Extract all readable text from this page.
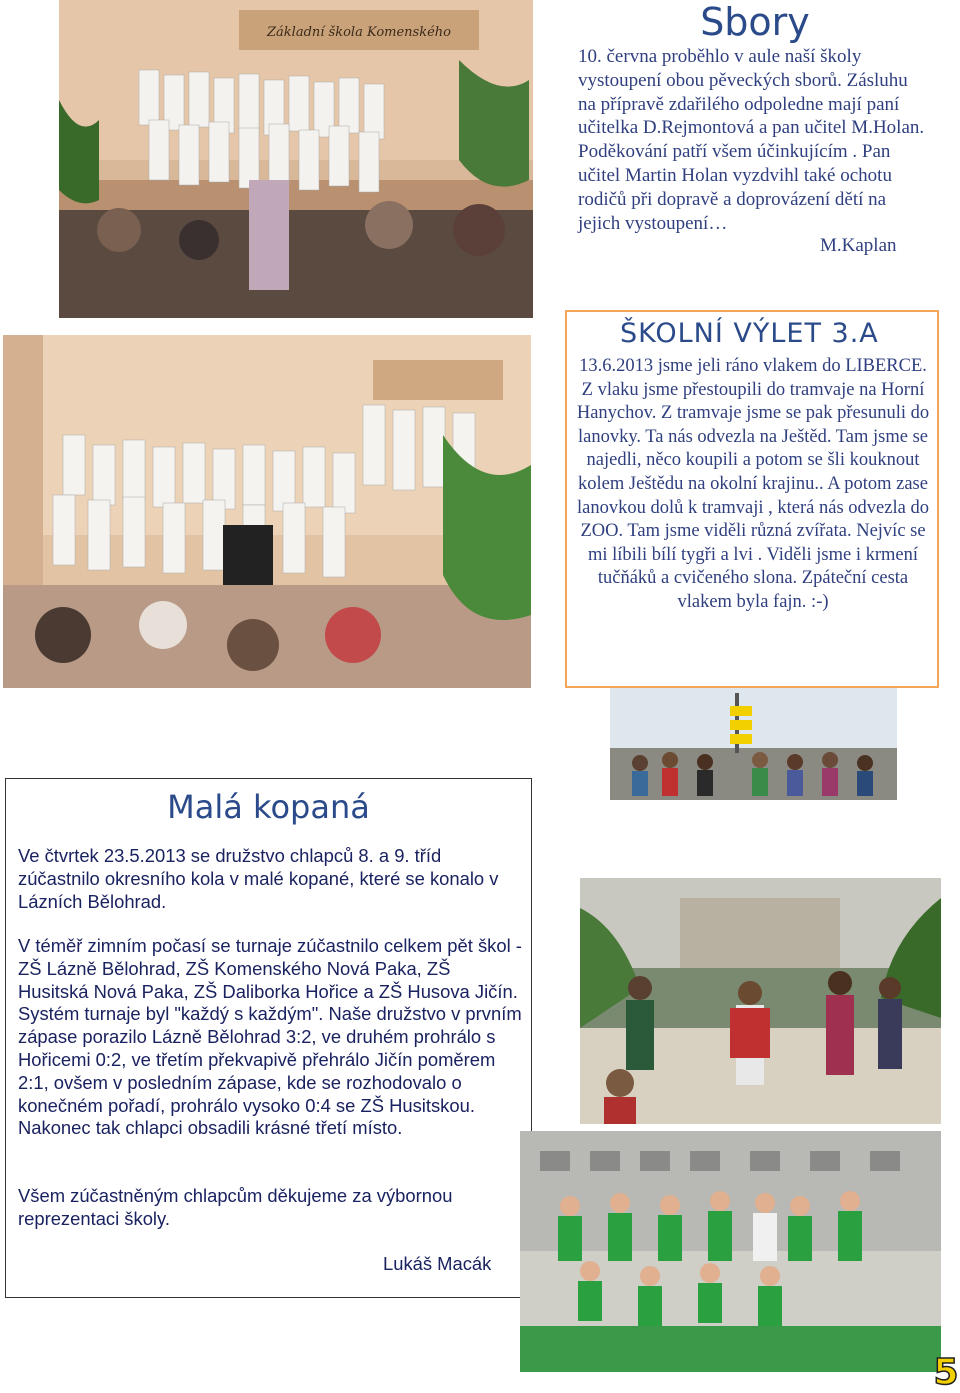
Základní škola Komenského	Sbory
10. června proběhlo v aule naší školy vystoupení obou pěveckých sborů. Zásluhu na přípravě zdařilého odpoledne mají paní učitelka D.Rejmontová a pan učitel M.Holan. Poděkování patří všem účinkujícím . Pan učitel Martin Holan vyzdvihl také ochotu rodičů při dopravě a doprovázení dětí na jejich vystoupení…
M.Kaplan
ŠKOLNÍ VÝLET 3.A
13.6.2013 jsme jeli ráno vlakem do LIBERCE. Z vlaku jsme přestoupili do tramvaje na Horní Hanychov. Z tramvaje jsme se pak přesunuli do lanovky. Ta nás odvezla na Ještěd. Tam jsme se najedli, něco koupili a potom se šli kouknout kolem Ještědu na okolní krajinu.. A potom zase lanovkou dolů k tramvaji , která nás odvezla do ZOO. Tam jsme viděli různá zvířata. Nejvíc se mi líbili bílí tygři a lvi . Viděli jsme i krmení tučňáků a cvičeného slona. Zpáteční cesta vlakem byla fajn. :-)
Malá kopaná
Ve čtvrtek 23.5.2013 se družstvo chlapců 8. a 9. tříd zúčastnilo okresního kola v malé kopané, které se konalo v Lázních Bělohrad.
V téměř zimním počasí se turnaje zúčastnilo celkem pět škol - ZŠ Lázně Bělohrad, ZŠ Komenského Nová Paka, ZŠ Husitská Nová Paka, ZŠ Daliborka Hořice a ZŠ Husova Jičín. Systém turnaje byl "každý s každým". Naše družstvo v prvním zápase porazilo Lázně Bělohrad 3:2, ve druhém prohrálo s Hořicemi 0:2, ve třetím překvapivě přehrálo Jičín poměrem 2:1, ovšem v posledním zápase, kde se rozhodovalo o konečném pořadí, prohrálo vysoko 0:4 se ZŠ Husitskou. Nakonec tak chlapci obsadili krásné třetí místo.
Všem zúčastněným chlapcům děkujeme za výbornou reprezentaci školy.
Lukáš Macák
5
